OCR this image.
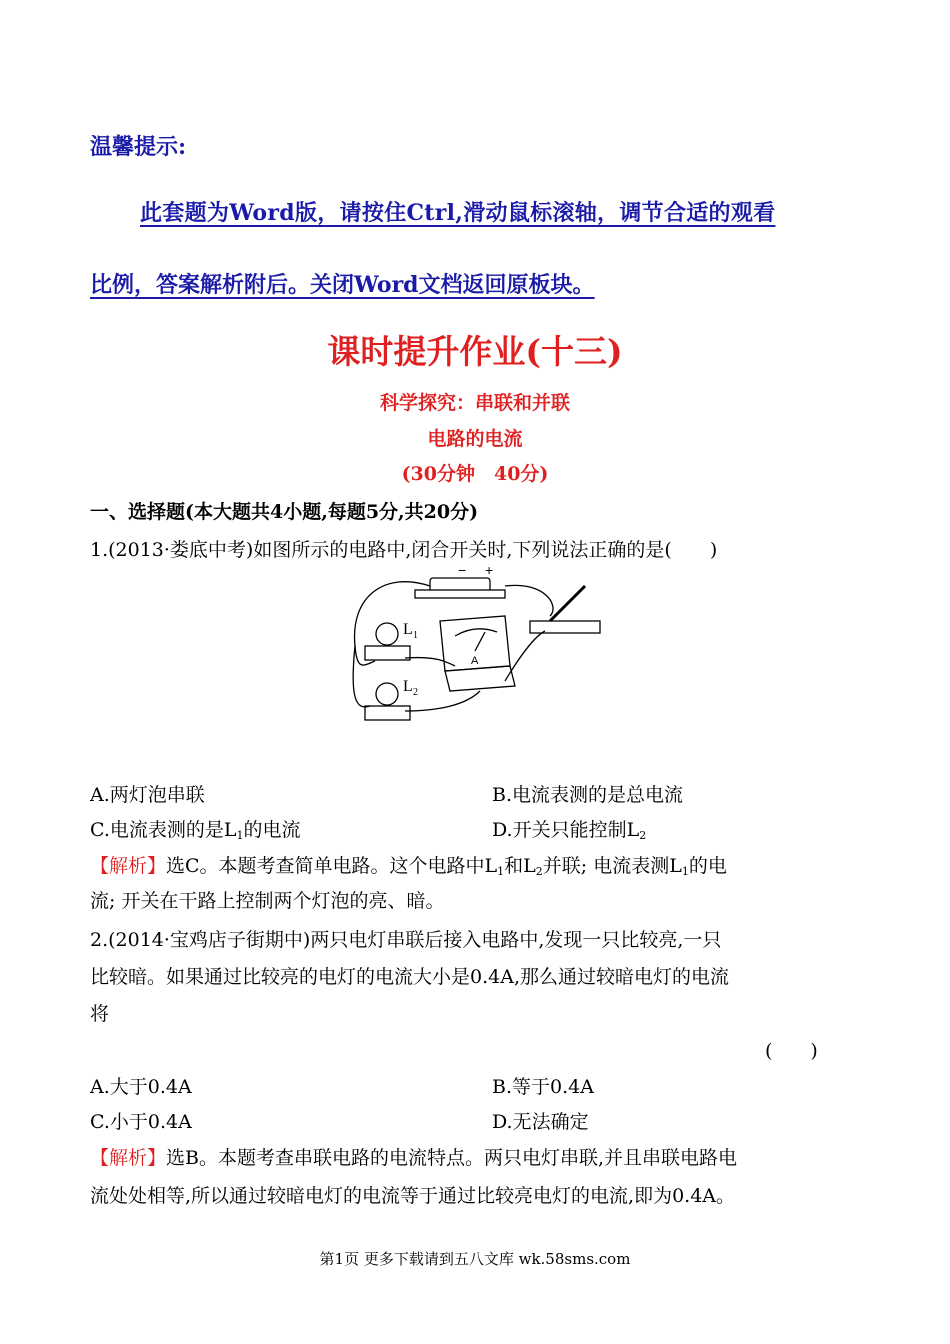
温馨提示:
此套题为Word版，请按住Ctrl,滑动鼠标滚轴，调节合适的观看
比例，答案解析附后。关闭Word文档返回原板块。
课时提升作业(十三)
科学探究：串联和并联
电路的电流
(30分钟　40分)
一、选择题(本大题共4小题,每题5分,共20分)
1.(2013·娄底中考)如图所示的电路中,闭合开关时,下列说法正确的是(　　)
− +
L 1
L 2
A
A.两灯泡串联	B.电流表测的是总电流
C.电流表测的是$L_1$的电流	D.开关只能控制$L_2$
【解析】选C。本题考查简单电路。这个电路中$L_1$和$L_2$并联; 电流表测$L_1$的电
流; 开关在干路上控制两个灯泡的亮、暗。
2.(2014·宝鸡店子街期中)两只电灯串联后接入电路中,发现一只比较亮,一只
比较暗。如果通过比较亮的电灯的电流大小是0.4A,那么通过较暗电灯的电流
将
(　　)
A.大于0.4A	B.等于0.4A
C.小于0.4A	D.无法确定
【解析】选B。本题考查串联电路的电流特点。两只电灯串联,并且串联电路电
流处处相等,所以通过较暗电灯的电流等于通过比较亮电灯的电流,即为0.4A。
第1页 更多下载请到五八文库 wk.58sms.com
